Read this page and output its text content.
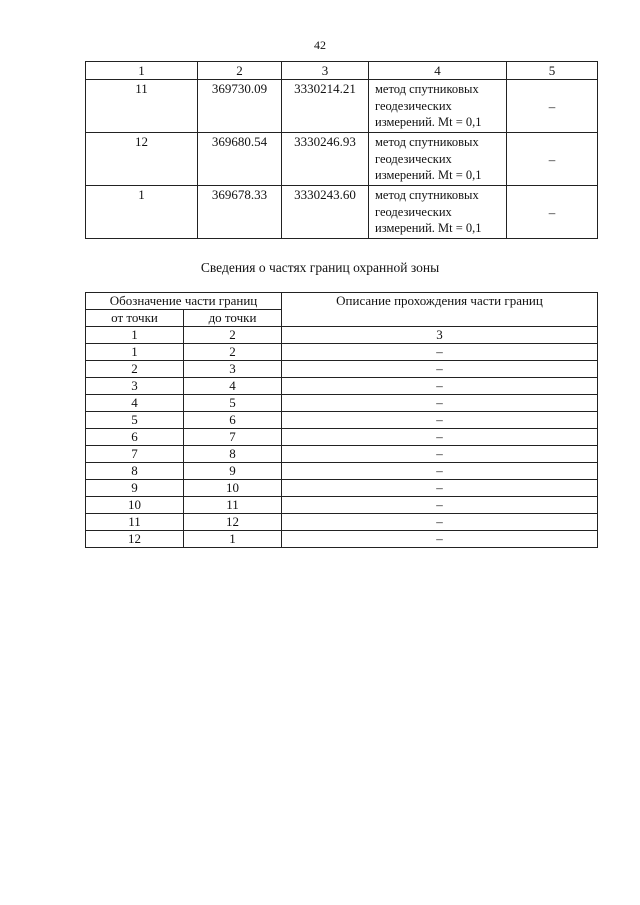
42
1	2	3	4	5
11	369730.09	3330214.21	метод спутниковых
геодезических
измерений. Mt = 0,1	–
12	369680.54	3330246.93	метод спутниковых
геодезических
измерений. Mt = 0,1	–
1	369678.33	3330243.60	метод спутниковых
геодезических
измерений. Mt = 0,1	–
Сведения о частях границ охранной зоны
Обозначение части границ		Описание прохождения части границ
от точки	до точки	
1	2	3
1	2	–
2	3	–
3	4	–
4	5	–
5	6	–
6	7	–
7	8	–
8	9	–
9	10	–
10	11	–
11	12	–
12	1	–
